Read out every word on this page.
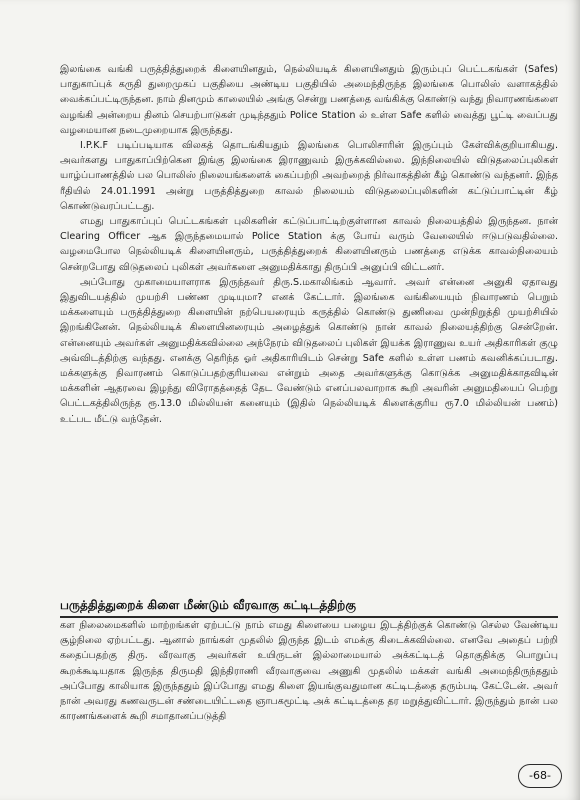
இலங்கை வங்கி பருத்தித்துறைக் கிளையினதும், நெல்லியடிக் கிளையினதும் இரும்புப் பெட்டகங்கள் (Safes) பாதுகாப்புக் கருதி துறைமுகப் பகுதியை அண்டிய பகுதியில் அமைந்திருந்த இலங்கை பொலிஸ் வளாகத்தில் வைக்கப்பட்டிருந்தன. நாம் தினமும் காலையில் அங்கு சென்று பணத்தை வங்கிக்கு கொண்டு வந்து நிவாரணங்களை வழங்கி அன்றைய தினம் செயற்பாடுகள் முடிந்ததும் Police Station ல் உள்ள Safe களில் வைத்து பூட்டி வைப்பது வழமையான நடைமுறையாக இருந்தது.

I.P.K.F படிப்படியாக விலகத் தொடங்கியதும் இலங்கை பொலிசாரின் இருப்பும் கேள்விக்குறியாகியது. அவர்களது பாதுகாப்பிற்கென இங்கு இலங்கை இராணுவம் இருக்கவில்லை. இந்நிலையில் விடுதலைப்புலிகள் யாழ்ப்பாணத்தில் பல பொலிஸ் நிலையங்களைக் கைப்பற்றி அவற்றைத் நிர்வாகத்தின் கீழ் கொண்டு வந்தனர். இந்த ரீதியில் 24.01.1991 அன்று பருத்தித்துறை காவல் நிலையம் விடுதலைப்புலிகளின் கட்டுப்பாட்டின் கீழ் கொண்டுவரப்பட்டது.

எமது பாதுகாப்புப் பெட்டகங்கள் புலிகளின் கட்டுப்பாட்டிற்குள்ளான காவல் நிலையத்தில் இருந்தன. நான் Clearing Officer ஆக இருந்தமையால் Police Station க்கு போய் வரும் வேலையில் ஈடுபடுவதில்லை. வழமைபோல நெல்லியடிக் கிளையினரும், பருத்தித்துறைக் கிளையினரும் பணத்தை எடுக்க காவல்நிலையம் சென்றபோது விடுதலைப் புலிகள் அவர்களை அனுமதிக்காது திருப்பி அனுப்பி விட்டனர்.

அப்போது முகாமையாளராக இருந்தவர் திரு.S.மகாலிங்கம் ஆவார். அவர் என்னை அனுகி ஏதாவது இதுவிடயத்தில் முயற்சி பண்ண முடியுமா? எனக் கேட்டார். இலங்கை வங்கியையும் நிவாரணம் பெறும் மக்களையும் பருத்தித்துறை கிளையின் நற்பெயரையும் கருத்தில் கொண்டு துணிவை முன்நிறுத்தி முயற்சியில் இறங்கினேன். நெல்லியடிக் கிளையினரையும் அழைத்துக் கொண்டு நான் காவல் நிலையத்திற்கு சென்றேன். என்னையும் அவர்கள் அனுமதிக்கவில்லை அந்நேரம் விடுதலைப் புலிகள் இயக்க இராணுவ உயர் அதிகாரிகள் குழு அவ்விடத்திற்கு வந்தது. எனக்கு தெரிந்த ஓர் அதிகாரியிடம் சென்று Safe களில் உள்ள பணம் கவனிக்கப்படாது. மக்களுக்கு நிவாரணம் கொடுப்பதற்குரியவை என்றும் அதை அவர்களுக்கு கொடுக்க அனுமதிக்காதவிடின் மக்களின் ஆதரவை இழந்து விரோதத்தைத் தேட வேண்டும் எனப்பலவாறாக கூறி அவரின் அனுமதியைப் பெற்று பெட்டகத்திலிருந்த ரூ.13.0 மில்லியன் கனையும் (இதில் நெல்லியடிக் கிளைக்குரிய ரூ7.0 மில்லியன் பணம்) உட்பட மீட்டு வந்தேன்.

பருத்தித்துறைக் கிளை மீண்டும் வீரவாகு கட்டிடத்திற்கு

கள நிலைமைகளில் மாற்றங்கள் ஏற்பட்டு நாம் எமது கிளையை பழைய இடத்திற்குக் கொண்டு செல்ல வேண்டிய சூழ்நிலை ஏற்பட்டது. ஆனால் நாங்கள் முதலில் இருந்த இடம் எமக்கு கிடைக்கவில்லை. எனவே அதைப் பற்றி கதைப்பதற்கு திரு. வீரவாகு அவர்கள் உயிருடன் இல்லாமையால் அக்கட்டிடத் தொகுதிக்கு பொறுப்பு கூறக்கூடியதாக இருந்த திருமதி இந்திராணி வீரவாகுவை அணுகி முதலில் மக்கள் வங்கி அமைந்திருந்ததும் அப்போது காலியாக இருந்ததும் இப்போது எமது கிளை இயங்குவதுமான கட்டிடத்தை தரும்படி கேட்டேன். அவர் நான் அவரது கணவருடன் சண்டையிட்டதை ஞாபகமூட்டி அக் கட்டிடத்தை தர மறுத்துவிட்டார். இருந்தும் நான் பல காரணங்களைக் கூறி சமாதானப்படுத்தி

-68-
